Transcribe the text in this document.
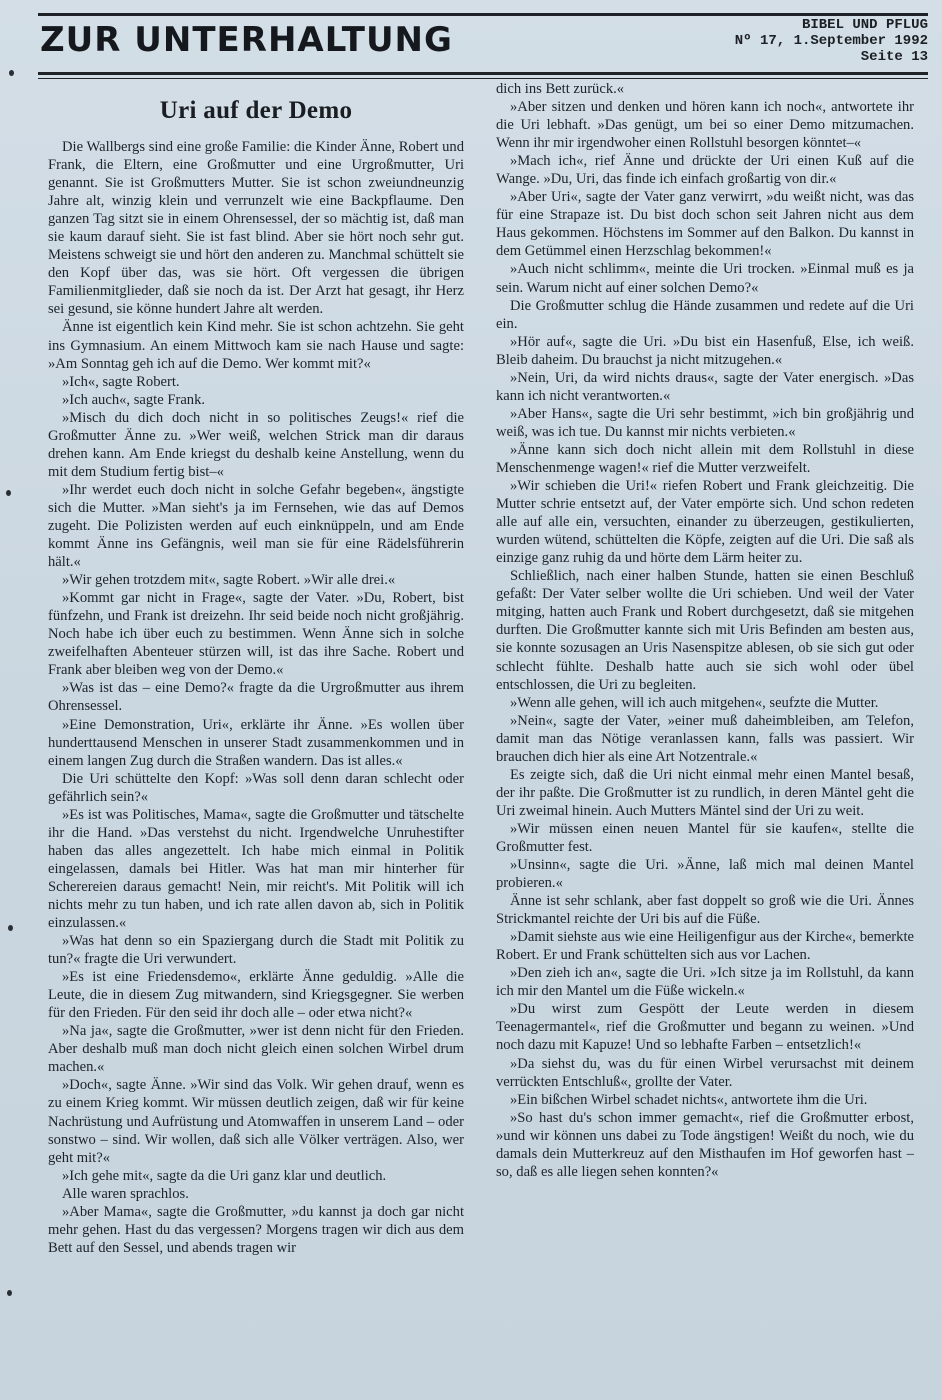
ZUR UNTERHALTUNG	BIBEL UND PFLUG
Nº 17, 1.September 1992
Seite 13
Uri auf der Demo

Die Wallbergs sind eine große Familie: die Kinder Änne, Robert und Frank, die Eltern, eine Großmutter und eine Urgroßmutter, Uri genannt. Sie ist Großmutters Mutter. Sie ist schon zweiundneunzig Jahre alt, winzig klein und verrunzelt wie eine Backpflaume. Den ganzen Tag sitzt sie in einem Ohrensessel, der so mächtig ist, daß man sie kaum darauf sieht. Sie ist fast blind. Aber sie hört noch sehr gut. Meistens schweigt sie und hört den anderen zu. Manchmal schüttelt sie den Kopf über das, was sie hört. Oft vergessen die übrigen Familienmitglieder, daß sie noch da ist. Der Arzt hat gesagt, ihr Herz sei gesund, sie könne hundert Jahre alt werden.

Änne ist eigentlich kein Kind mehr. Sie ist schon achtzehn. Sie geht ins Gymnasium. An einem Mittwoch kam sie nach Hause und sagte: »Am Sonntag geh ich auf die Demo. Wer kommt mit?«

»Ich«, sagte Robert.

»Ich auch«, sagte Frank.

»Misch du dich doch nicht in so politisches Zeugs!« rief die Großmutter Änne zu. »Wer weiß, welchen Strick man dir daraus drehen kann. Am Ende kriegst du deshalb keine Anstellung, wenn du mit dem Studium fertig bist–«

»Ihr werdet euch doch nicht in solche Gefahr begeben«, ängstigte sich die Mutter. »Man sieht's ja im Fernsehen, wie das auf Demos zugeht. Die Polizisten werden auf euch einknüppeln, und am Ende kommt Änne ins Gefängnis, weil man sie für eine Rädelsführerin hält.«

»Wir gehen trotzdem mit«, sagte Robert. »Wir alle drei.«

»Kommt gar nicht in Frage«, sagte der Vater. »Du, Robert, bist fünfzehn, und Frank ist dreizehn. Ihr seid beide noch nicht großjährig. Noch habe ich über euch zu bestimmen. Wenn Änne sich in solche zweifelhaften Abenteuer stürzen will, ist das ihre Sache. Robert und Frank aber bleiben weg von der Demo.«

»Was ist das – eine Demo?« fragte da die Urgroßmutter aus ihrem Ohrensessel.

»Eine Demonstration, Uri«, erklärte ihr Änne. »Es wollen über hunderttausend Menschen in unserer Stadt zusammenkommen und in einem langen Zug durch die Straßen wandern. Das ist alles.«

Die Uri schüttelte den Kopf: »Was soll denn daran schlecht oder gefährlich sein?«

»Es ist was Politisches, Mama«, sagte die Großmutter und tätschelte ihr die Hand. »Das verstehst du nicht. Irgendwelche Unruhestifter haben das alles angezettelt. Ich habe mich einmal in Politik eingelassen, damals bei Hitler. Was hat man mir hinterher für Scherereien daraus gemacht! Nein, mir reicht's. Mit Politik will ich nichts mehr zu tun haben, und ich rate allen davon ab, sich in Politik einzulassen.«

»Was hat denn so ein Spaziergang durch die Stadt mit Politik zu tun?« fragte die Uri verwundert.

»Es ist eine Friedensdemo«, erklärte Änne geduldig. »Alle die Leute, die in diesem Zug mitwandern, sind Kriegsgegner. Sie werben für den Frieden. Für den seid ihr doch alle – oder etwa nicht?«

»Na ja«, sagte die Großmutter, »wer ist denn nicht für den Frieden. Aber deshalb muß man doch nicht gleich einen solchen Wirbel drum machen.«

»Doch«, sagte Änne. »Wir sind das Volk. Wir gehen drauf, wenn es zu einem Krieg kommt. Wir müssen deutlich zeigen, daß wir für keine Nachrüstung und Aufrüstung und Atomwaffen in unserem Land – oder sonstwo – sind. Wir wollen, daß sich alle Völker verträgen. Also, wer geht mit?«

»Ich gehe mit«, sagte da die Uri ganz klar und deutlich.

Alle waren sprachlos.

»Aber Mama«, sagte die Großmutter, »du kannst ja doch gar nicht mehr gehen. Hast du das vergessen? Morgens tragen wir dich aus dem Bett auf den Sessel, und abends tragen wir

dich ins Bett zurück.«

»Aber sitzen und denken und hören kann ich noch«, antwortete ihr die Uri lebhaft. »Das genügt, um bei so einer Demo mitzumachen. Wenn ihr mir irgendwoher einen Rollstuhl besorgen könntet–«

»Mach ich«, rief Änne und drückte der Uri einen Kuß auf die Wange. »Du, Uri, das finde ich einfach großartig von dir.«

»Aber Uri«, sagte der Vater ganz verwirrt, »du weißt nicht, was das für eine Strapaze ist. Du bist doch schon seit Jahren nicht aus dem Haus gekommen. Höchstens im Sommer auf den Balkon. Du kannst in dem Getümmel einen Herzschlag bekommen!«

»Auch nicht schlimm«, meinte die Uri trocken. »Einmal muß es ja sein. Warum nicht auf einer solchen Demo?«

Die Großmutter schlug die Hände zusammen und redete auf die Uri ein.

»Hör auf«, sagte die Uri. »Du bist ein Hasenfuß, Else, ich weiß. Bleib daheim. Du brauchst ja nicht mitzugehen.«

»Nein, Uri, da wird nichts draus«, sagte der Vater energisch. »Das kann ich nicht verantworten.«

»Aber Hans«, sagte die Uri sehr bestimmt, »ich bin großjährig und weiß, was ich tue. Du kannst mir nichts verbieten.«

»Änne kann sich doch nicht allein mit dem Rollstuhl in diese Menschenmenge wagen!« rief die Mutter verzweifelt.

»Wir schieben die Uri!« riefen Robert und Frank gleichzeitig. Die Mutter schrie entsetzt auf, der Vater empörte sich. Und schon redeten alle auf alle ein, versuchten, einander zu überzeugen, gestikulierten, wurden wütend, schüttelten die Köpfe, zeigten auf die Uri. Die saß als einzige ganz ruhig da und hörte dem Lärm heiter zu.

Schließlich, nach einer halben Stunde, hatten sie einen Beschluß gefaßt: Der Vater selber wollte die Uri schieben. Und weil der Vater mitging, hatten auch Frank und Robert durchgesetzt, daß sie mitgehen durften. Die Großmutter kannte sich mit Uris Befinden am besten aus, sie konnte sozusagen an Uris Nasenspitze ablesen, ob sie sich gut oder schlecht fühlte. Deshalb hatte auch sie sich wohl oder übel entschlossen, die Uri zu begleiten.

»Wenn alle gehen, will ich auch mitgehen«, seufzte die Mutter.

»Nein«, sagte der Vater, »einer muß daheimbleiben, am Telefon, damit man das Nötige veranlassen kann, falls was passiert. Wir brauchen dich hier als eine Art Notzentrale.«

Es zeigte sich, daß die Uri nicht einmal mehr einen Mantel besaß, der ihr paßte. Die Großmutter ist zu rundlich, in deren Mäntel geht die Uri zweimal hinein. Auch Mutters Mäntel sind der Uri zu weit.

»Wir müssen einen neuen Mantel für sie kaufen«, stellte die Großmutter fest.

»Unsinn«, sagte die Uri. »Änne, laß mich mal deinen Mantel probieren.«

Änne ist sehr schlank, aber fast doppelt so groß wie die Uri. Ännes Strickmantel reichte der Uri bis auf die Füße.

»Damit siehste aus wie eine Heiligenfigur aus der Kirche«, bemerkte Robert. Er und Frank schüttelten sich aus vor Lachen.

»Den zieh ich an«, sagte die Uri. »Ich sitze ja im Rollstuhl, da kann ich mir den Mantel um die Füße wickeln.«

»Du wirst zum Gespött der Leute werden in diesem Teenagermantel«, rief die Großmutter und begann zu weinen. »Und noch dazu mit Kapuze! Und so lebhafte Farben – entsetzlich!«

»Da siehst du, was du für einen Wirbel verursachst mit deinem verrückten Entschluß«, grollte der Vater.

»Ein bißchen Wirbel schadet nichts«, antwortete ihm die Uri.

»So hast du's schon immer gemacht«, rief die Großmutter erbost, »und wir können uns dabei zu Tode ängstigen! Weißt du noch, wie du damals dein Mutterkreuz auf den Misthaufen im Hof geworfen hast – so, daß es alle liegen sehen konnten?«
